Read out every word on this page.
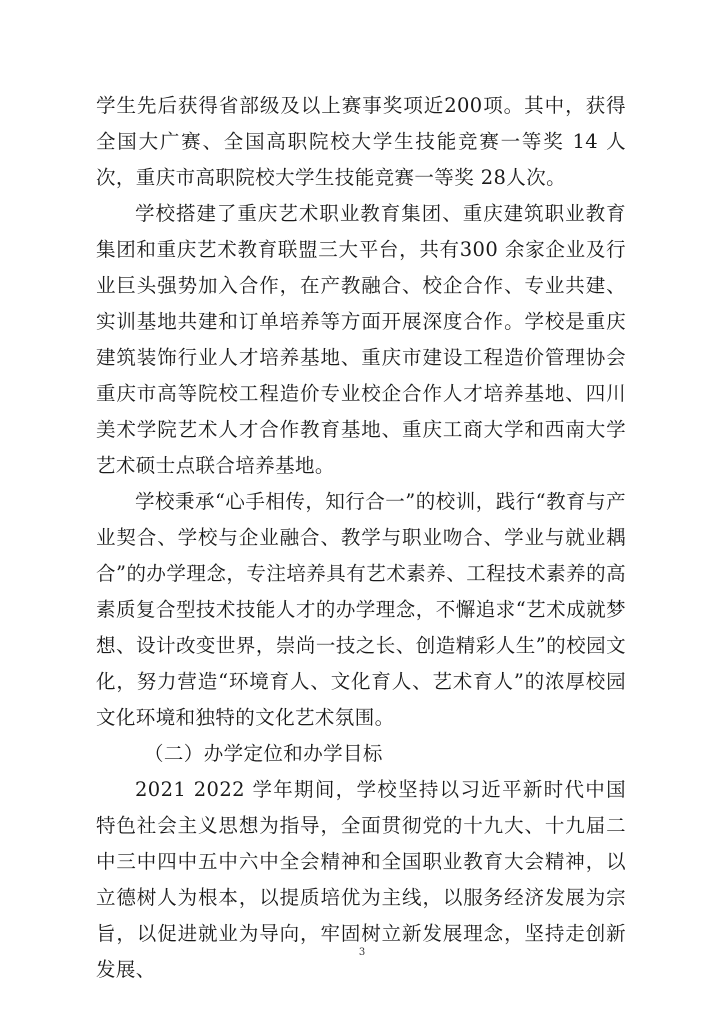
学生先后获得省部级及以上赛事奖项近200项。其中，获得全国大广赛、全国高职院校大学生技能竞赛一等奖 14 人次，重庆市高职院校大学生技能竞赛一等奖 28人次。

学校搭建了重庆艺术职业教育集团、重庆建筑职业教育集团和重庆艺术教育联盟三大平台，共有300 余家企业及行业巨头强势加入合作，在产教融合、校企合作、专业共建、实训基地共建和订单培养等方面开展深度合作。学校是重庆建筑装饰行业人才培养基地、重庆市建设工程造价管理协会重庆市高等院校工程造价专业校企合作人才培养基地、四川美术学院艺术人才合作教育基地、重庆工商大学和西南大学艺术硕士点联合培养基地。

学校秉承“心手相传，知行合一”的校训，践行“教育与产业契合、学校与企业融合、教学与职业吻合、学业与就业耦合”的办学理念，专注培养具有艺术素养、工程技术素养的高素质复合型技术技能人才的办学理念，不懈追求“艺术成就梦想、设计改变世界，崇尚一技之长、创造精彩人生”的校园文化，努力营造“环境育人、文化育人、艺术育人”的浓厚校园文化环境和独特的文化艺术氛围。

（二）办学定位和办学目标

2021 2022 学年期间，学校坚持以习近平新时代中国特色社会主义思想为指导，全面贯彻党的十九大、十九届二中三中四中五中六中全会精神和全国职业教育大会精神，以立德树人为根本，以提质培优为主线，以服务经济发展为宗旨，以促进就业为导向，牢固树立新发展理念，坚持走创新发展、

3
